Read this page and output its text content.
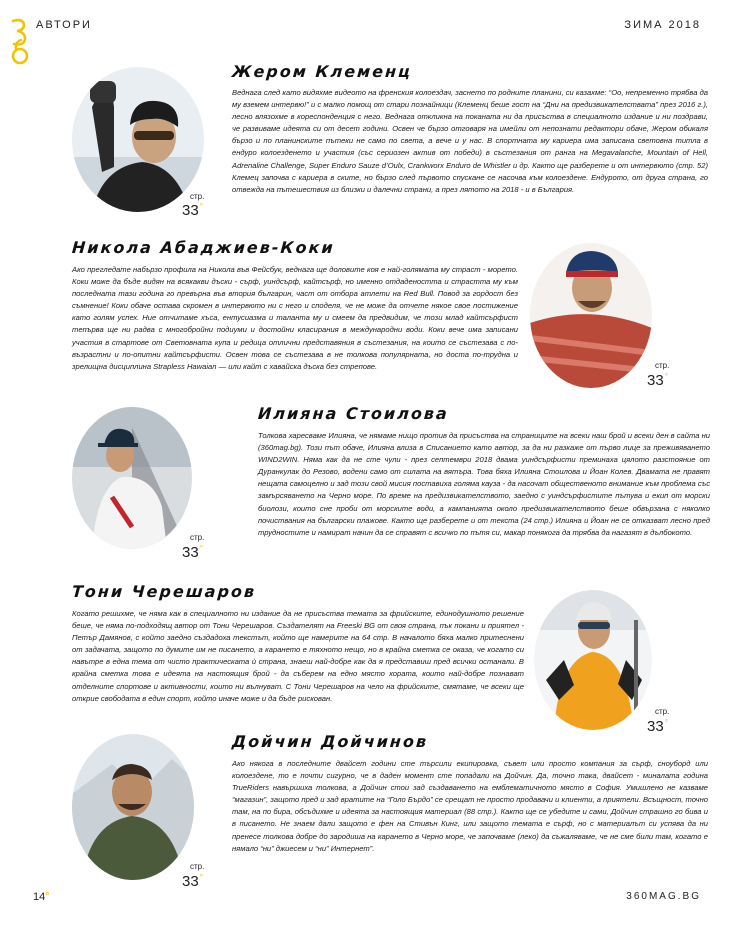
АВТОРИ	ЗИМА 2018
Жером Клеменц
Веднага след като видяхме видеото на френския колоездач, заснето по родните планини, си казахме: “Оо, непременно трябва да му вземем интервю!” и с малко помощ от стари познайници (Клеменц беше гост на “Дни на предизвикателствата” през 2016 г.), лесно влязохме в кореспонденция с него. Веднага откликна на поканата ни да присъства в специалното издание и ни поздрави, че развиваме идеята си от десет години. Освен че бързо отговаря на имейли от непознати редактори обаче, Жером обикаля бързо и по планинските пътеки не само по света, а вече и у нас. В спортната му кариера има записана световна титла в ендуро колоезденето и участия (със сериозен актив от победи) в състезания от ранга на Megavalanche, Mountain of Hell, Adrenaline Challenge, Super Enduro Sauze d’Oulx, Crankworx Enduro de Whistler и др. Както ще разберете и от интервюто (стр. 52) Клемец започва с кариера в ските, но бързо след първото спускане се насочва към колоездене. Ендурото, от друга страна, го отвежда на пътешествия из близки и далечни страни, а през лятото на 2018 - и в България.
стр.
33°
Никола Абаджиев-Коки
Ако прегледате набързо профила на Никола във Фейсбук, веднага ще доловите коя е най-голямата му страст - морето. Коки може да бъде видян на всякакви дъски - сърф, уиндсърф, кайтсърф, но именно отдадеността и страстта му към последната тази година го превърна във втория българин, част от отбора атлети на Red Bull. Повод за гордост без съмнение! Коки обаче остава скромен в интервюто ни с него и споделя, че не може да отчете някое свое постижение като голям успех. Ние отчитаме хъса, ентусиазма и таланта му и смеем да предвидим, че този млад кайтсърфист тепърва ще ни радва с многобройни подиуми и достойни класирания в международни води. Коки вече има записани участия в стартове от Световната купа и редица отлични представяния в състезания, на които се състезава с по-възрастни и по-опитни кайтсърфисти. Освен това се състезава в не толкова популярната, но доста по-трудна и зрелищна дисциплина Strapless Hawaian — или кайт с хавайска дъска без стрепове.	стр.
33°
Илияна Стоилова
Толкова харесваме Илияна, че нямаме нищо против да присъства на страниците на всеки наш брой и всеки ден в сайта ни (360mag.bg). Този път обаче, Илияна влиза в Списанието като автор, за да ни разкаже от първо лице за преживяването WIND2WIN. Няма как да не сте чули - през септември 2018 двама уиндсърфисти преминаха цялото разстояние от Дуранкулак до Резово, водени само от силата на вятъра. Това бяха Илияна Стоилова и Йоан Колев. Двамата не правят нещата самоцелно и зад този свой мисия поставиха голяма кауза - да насочат общественото внимание към проблема със замърсяването на Черно море. По време на предизвикателството, заедно с уиндсърфистите пътува и екип от морски биолози, които сне проби от морските води, а кампанията около предизвикателството беше обвързана с няколко почиствания на български плажове. Както ще разберете и от текста (24 стр.) Илияна и Йоан не се отказват лесно пред трудностите и намират начин да се справят с всичко по пътя си, макар понякога да трябва да нагазят в дълбокото.
стр.
33°
Тони Черешаров
Когато решихме, че няма как в специалното ни издание да не присъства темата за фрийските, единодушното решение беше, че няма по-подходящ автор от Тони Черешаров. Създателят на Freeski BG от своя страна, пък покани и приятел - Петър Дамянов, с който заедно създадоха текстът, който ще намерите на 64 стр. В началото бяха малко притеснени от задачата, защото по думите им не писането, а карането е тяхното нещо, но в крайна сметка се оказа, че когато си навътре в една тема от чисто практическата ѝ страна, знаеш най-добре как да я представиш пред всички останали. В крайна сметка това е идеята на настоящия брой - да съберем на едно място хората, които най-добре познават отделните спортове и активности, които ни вълнуват. С Тони Черешаров на чело на фрийските, смятаме, че всеки ще открие свободата в един спорт, който иначе може и да бъде рискован.
стр.
33°
Дойчин Дойчинов
Ако някога в последните двайсет години сте търсили екипировка, съвет или просто компания за сърф, сноуборд или колоездене, то е почти сигурно, че в даден момент сте попадали на Дойчин. Да, точно така, двайсет - миналата година TrueRiders навършиха толкова, а Дойчин стои зад създаването на емблематичното място в София. Умишлено не казваме “магазин”, защото пред и зад вратите на “Голо Бърдо” се срещат не просто продавачи и клиенти, а приятели. Всъщност, точно там, на по бира, обсъдихме и идеята за настоящия материал (88 стр.). Както ще се убедите и сами, Дойчин страшно го бива и в писането. Не знаем дали защото е фен на Стивън Кинг, или защото темата е сърф, но с материалът си успява да ни пренесе толкова добре до зародиша на карането в Черно море, че започваме (леко) да съжаляваме, че не сме били там, когато е нямало “ни” джиесем и “ни” Интернет”.
стр.
33°
14°	360MAG.BG
